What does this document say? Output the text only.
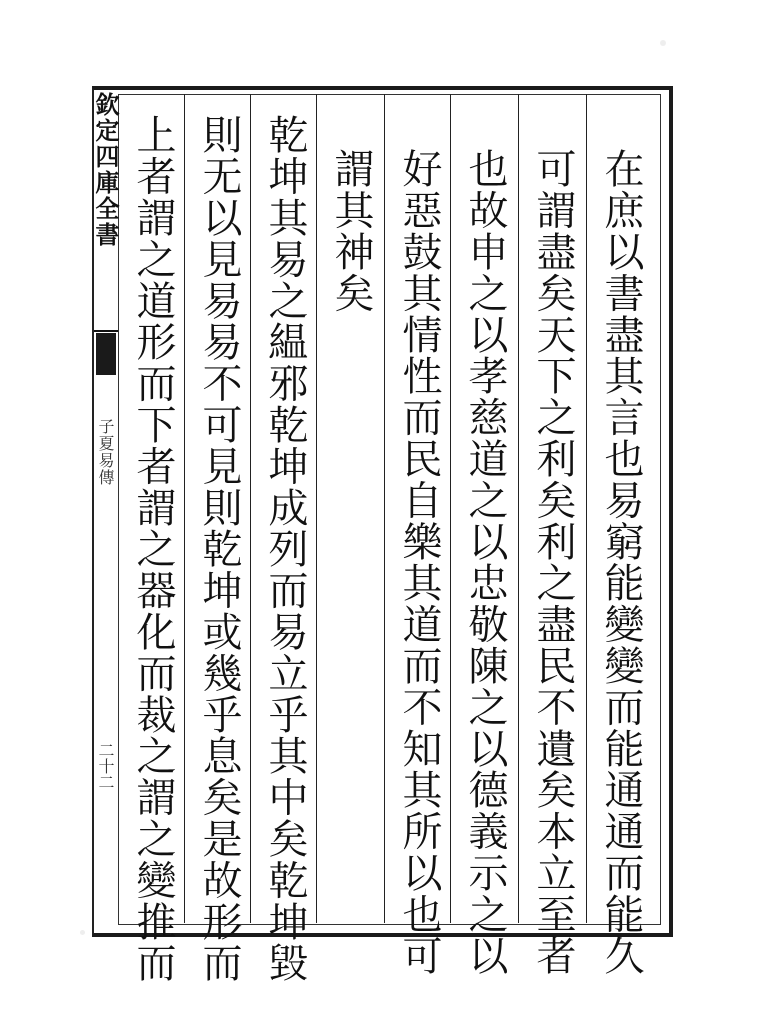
欽定四庫全書
子夏易傳
二十二	在庶以書盡其言也易窮能變變而能通通而能久
可謂盡矣天下之利矣利之盡民不遺矣本立至者
也故申之以孝慈道之以忠敬陳之以德義示之以
好惡鼓其情性而民自樂其道而不知其所以也可
謂其神矣
乾坤其易之緼邪乾坤成列而易立乎其中矣乾坤毀
則无以見易易不可見則乾坤或幾乎息矣是故形而
上者謂之道形而下者謂之器化而裁之謂之變推而
